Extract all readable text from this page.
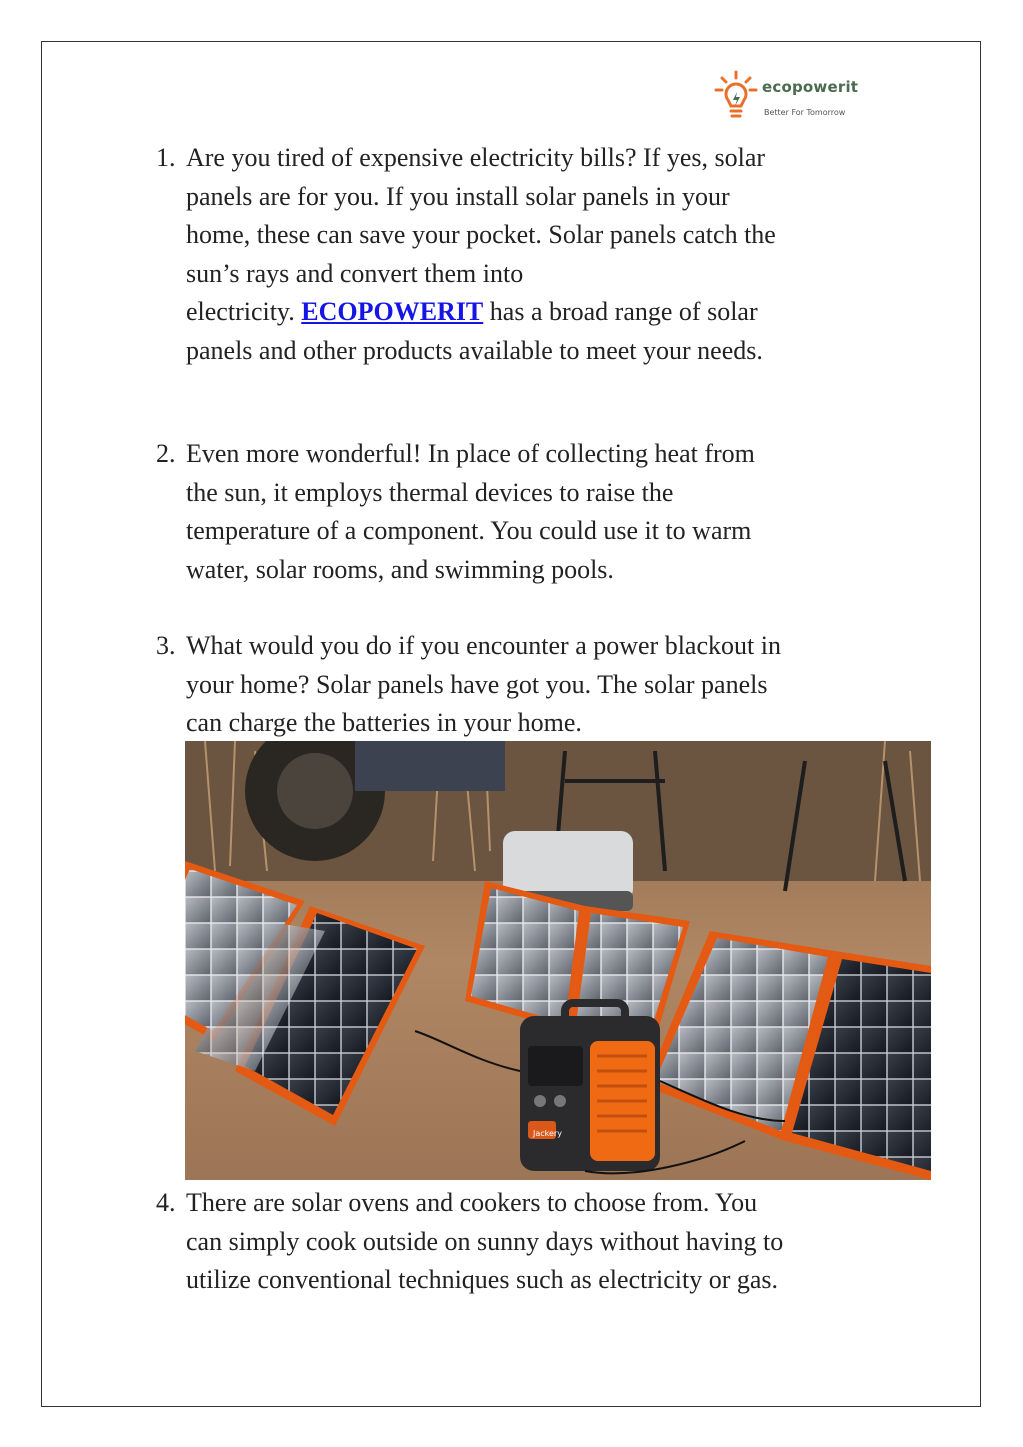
ecopowerit
Better For Tomorrow
1. Are you tired of expensive electricity bills? If yes, solar
panels are for you. If you install solar panels in your
home, these can save your pocket. Solar panels catch the
sun’s rays and convert them into
electricity. ECOPOWERIT has a broad range of solar
panels and other products available to meet your needs.
2. Even more wonderful! In place of collecting heat from
the sun, it employs thermal devices to raise the
temperature of a component. You could use it to warm
water, solar rooms, and swimming pools.
3. What would you do if you encounter a power blackout in
your home? Solar panels have got you. The solar panels
can charge the batteries in your home.
Jackery
4. There are solar ovens and cookers to choose from. You
can simply cook outside on sunny days without having to
utilize conventional techniques such as electricity or gas.
